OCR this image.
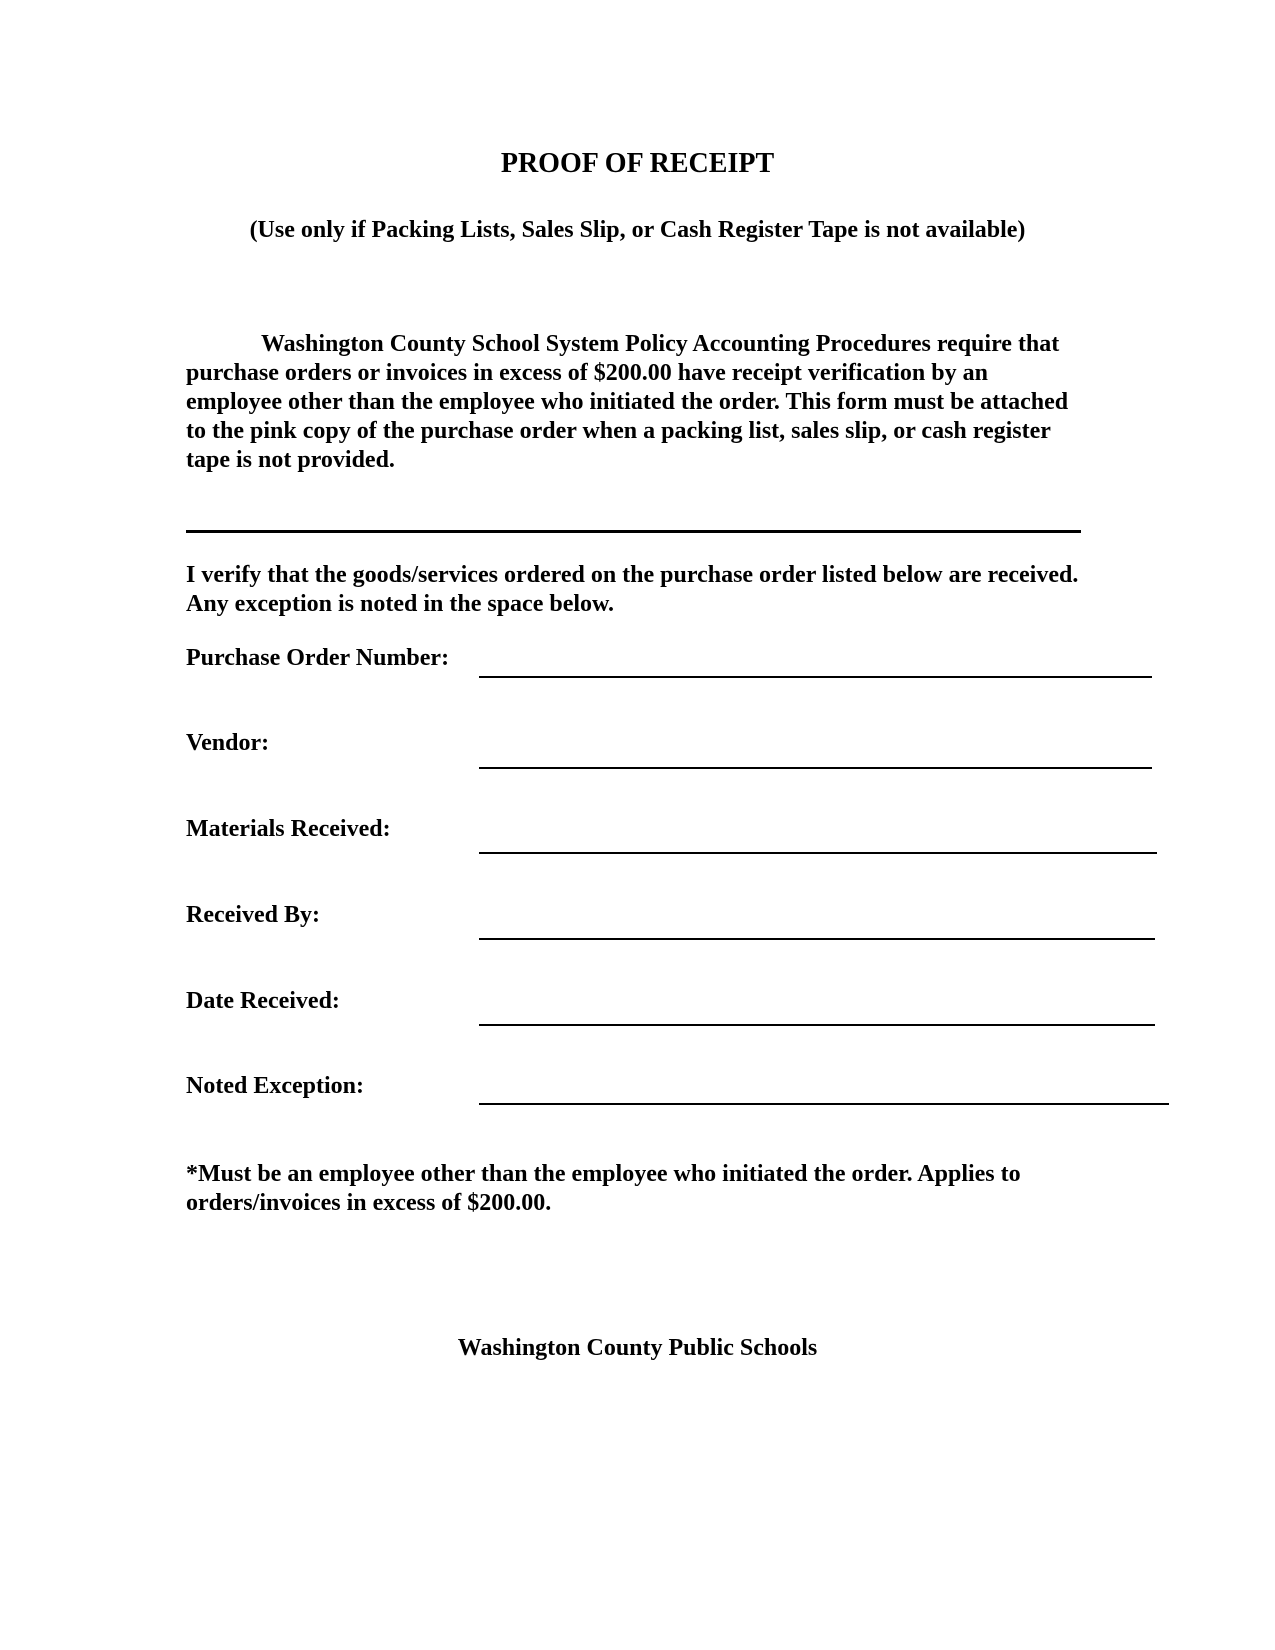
PROOF OF RECEIPT
(Use only if Packing Lists, Sales Slip, or Cash Register Tape is not available)

Washington County School System Policy Accounting Procedures require that purchase orders or invoices in excess of $200.00 have receipt verification by an employee other than the employee who initiated the order. This form must be attached to the pink copy of the purchase order when a packing list, sales slip, or cash register tape is not provided.

I verify that the goods/services ordered on the purchase order listed below are received. Any exception is noted in the space below.

Purchase Order Number:
Vendor:
Materials Received:
Received By:
Date Received:
Noted Exception:

*Must be an employee other than the employee who initiated the order. Applies to orders/invoices in excess of $200.00.

Washington County Public Schools
